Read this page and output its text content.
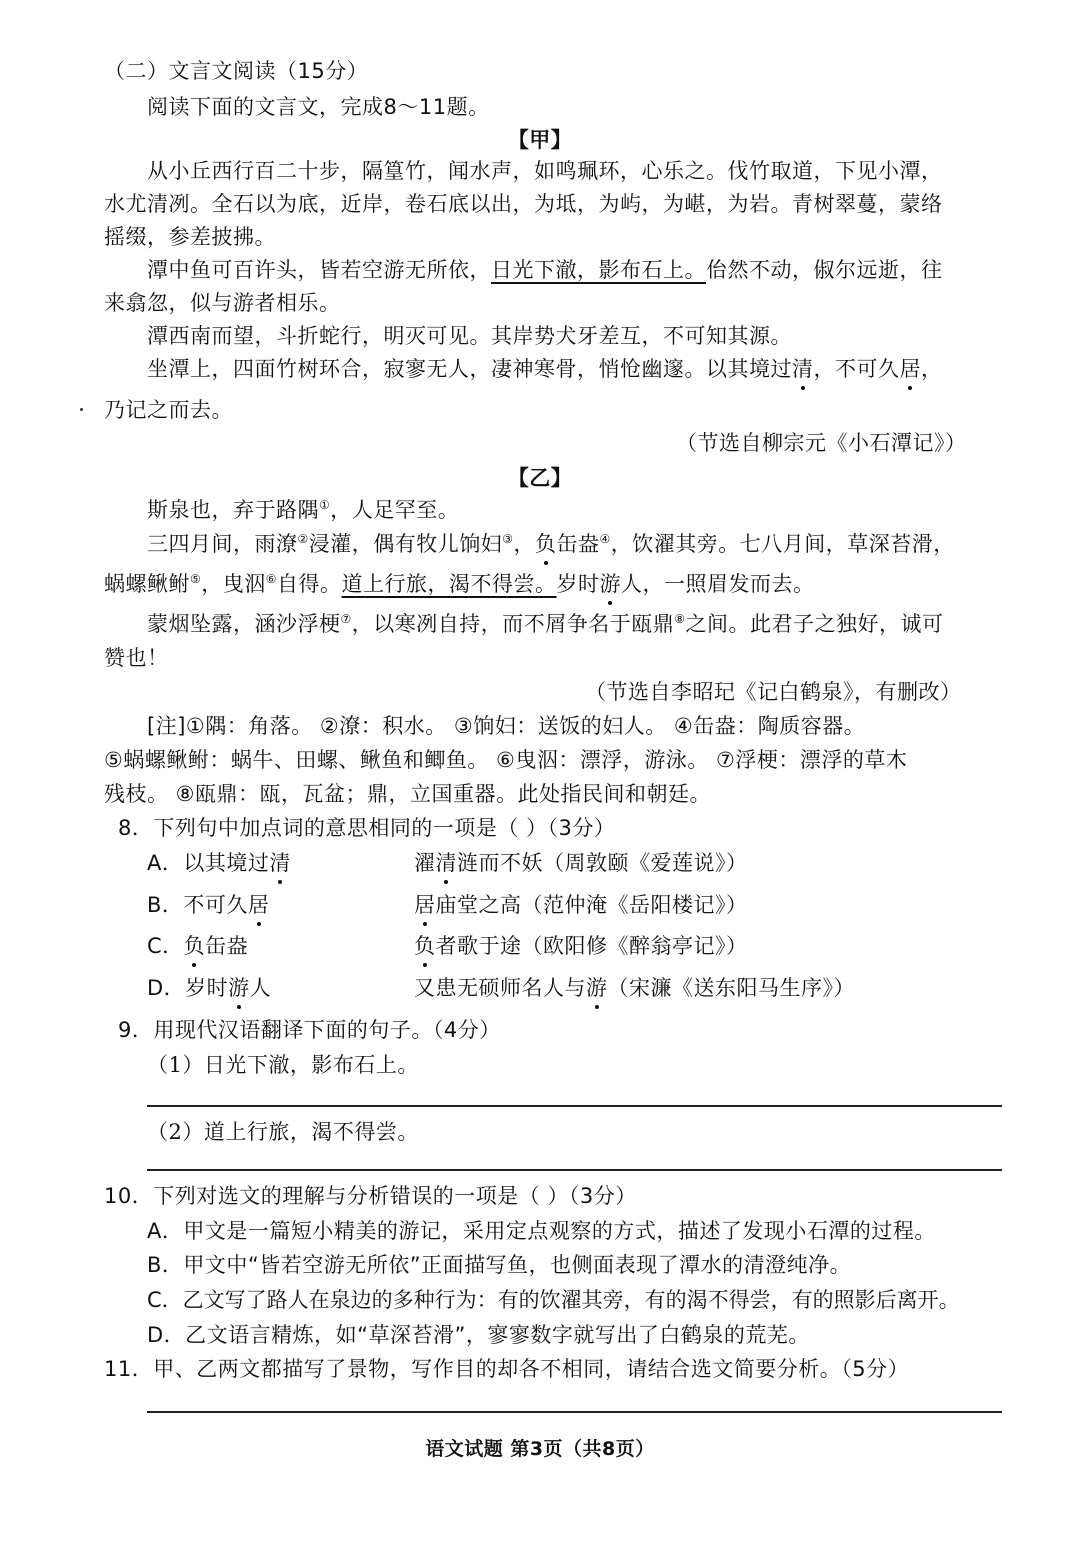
（二）文言文阅读（15分）
阅读下面的文言文，完成8～11题。
【甲】
从小丘西行百二十步，隔篁竹，闻水声，如鸣珮环，心乐之。伐竹取道，下见小潭，
水尤清冽。全石以为底，近岸，卷石底以出，为坻，为屿，为嵁，为岩。青树翠蔓，蒙络
摇缀，参差披拂。
潭中鱼可百许头，皆若空游无所依，日光下澈，影布石上。佁然不动，俶尔远逝，往
来翕忽，似与游者相乐。
潭西南而望，斗折蛇行，明灭可见。其岸势犬牙差互，不可知其源。
坐潭上，四面竹树环合，寂寥无人，凄神寒骨，悄怆幽邃。以其境过清，不可久居，
乃记之而去。
（节选自柳宗元《小石潭记》）
【乙】
斯泉也，弃于路隅①，人足罕至。
三四月间，雨潦②浸灌，偶有牧儿饷妇③，负缶盎④，饮濯其旁。七八月间，草深苔滑，
蜗螺鳅鲋⑤，曳泅⑥自得。道上行旅，渴不得尝。岁时游人，一照眉发而去。
蒙烟坠露，涵沙浮梗⑦，以寒冽自持，而不屑争名于瓯鼎⑧之间。此君子之独好，诚可
赞也！
（节选自李昭玘《记白鹤泉》，有删改）
[注]①隅：角落。 ②潦：积水。 ③饷妇：送饭的妇人。 ④缶盎：陶质容器。
⑤蜗螺鳅鲋：蜗牛、田螺、鳅鱼和鲫鱼。 ⑥曳泅：漂浮，游泳。 ⑦浮梗：漂浮的草木
残枝。 ⑧瓯鼎：瓯，瓦盆；鼎，立国重器。此处指民间和朝廷。
8．下列句中加点词的意思相同的一项是（ ）（3分）
A．以其境过清	濯清涟而不妖（周敦颐《爱莲说》）
B．不可久居	居庙堂之高（范仲淹《岳阳楼记》）
C．负缶盎	负者歌于途（欧阳修《醉翁亭记》）
D．岁时游人	又患无硕师名人与游（宋濂《送东阳马生序》）
9．用现代汉语翻译下面的句子。（4分）
（1）日光下澈，影布石上。
（2）道上行旅，渴不得尝。
10．下列对选文的理解与分析错误的一项是（ ）（3分）
A．甲文是一篇短小精美的游记，采用定点观察的方式，描述了发现小石潭的过程。
B．甲文中“皆若空游无所依”正面描写鱼，也侧面表现了潭水的清澄纯净。
C．乙文写了路人在泉边的多种行为：有的饮濯其旁，有的渴不得尝，有的照影后离开。
D．乙文语言精炼，如“草深苔滑”，寥寥数字就写出了白鹤泉的荒芜。
11．甲、乙两文都描写了景物，写作目的却各不相同，请结合选文简要分析。（5分）
语文试题 第3页（共8页）
